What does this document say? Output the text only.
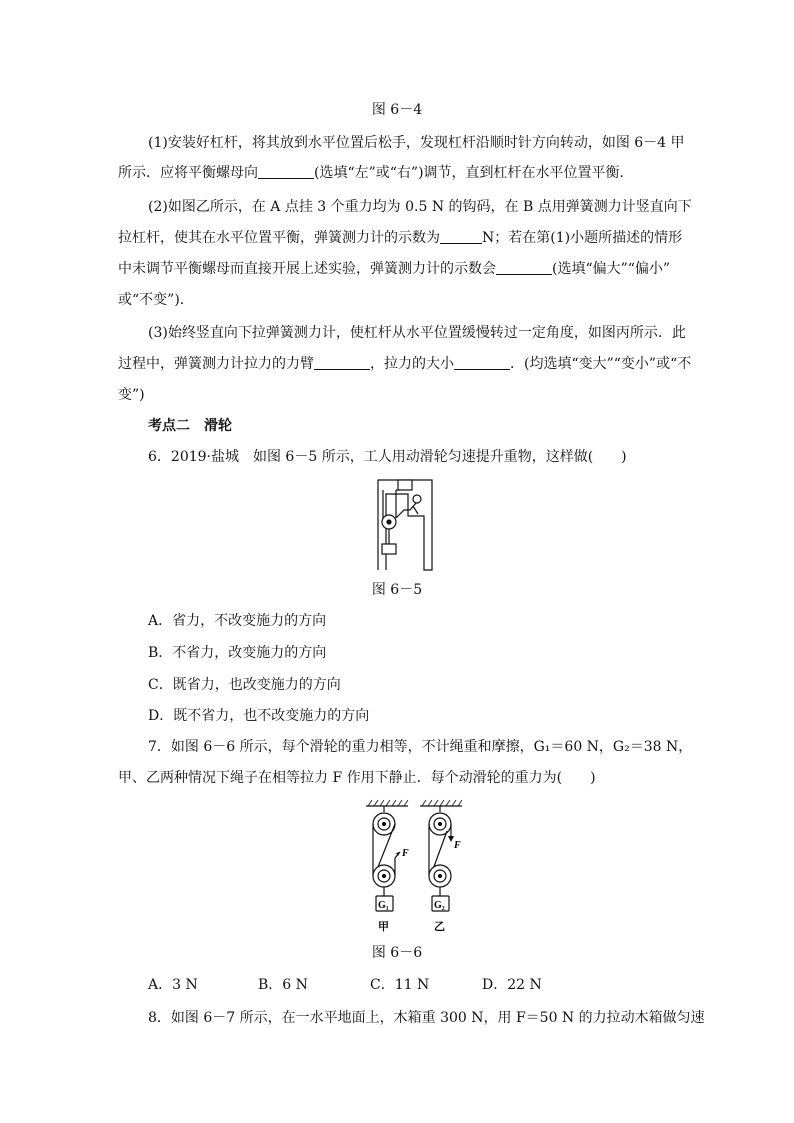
图 6－4
(1)安装好杠杆，将其放到水平位置后松手，发现杠杆沿顺时针方向转动，如图 6－4 甲
所示．应将平衡螺母向	(选填“左”或“右”)调节，直到杠杆在水平位置平衡．
(2)如图乙所示，在 A 点挂 3 个重力均为 0.5 N 的钩码，在 B 点用弹簧测力计竖直向下
拉杠杆，使其在水平位置平衡，弹簧测力计的示数为	N；若在第(1)小题所描述的情形
中未调节平衡螺母而直接开展上述实验，弹簧测力计的示数会	(选填“偏大”“偏小”
或“不变”)．
(3)始终竖直向下拉弹簧测力计，使杠杆从水平位置缓慢转过一定角度，如图丙所示．此
过程中，弹簧测力计拉力的力臂	，拉力的大小	．(均选填“变大”“变小”或“不
变”)
考点二　滑轮
6．2019·盐城　如图 6－5 所示，工人用动滑轮匀速提升重物，这样做(　　)
图 6－5
A．省力，不改变施力的方向
B．不省力，改变施力的方向
C．既省力，也改变施力的方向
D．既不省力，也不改变施力的方向
7．如图 6－6 所示，每个滑轮的重力相等，不计绳重和摩擦，G₁＝60 N，G₂＝38 N，
甲、乙两种情况下绳子在相等拉力 F 作用下静止．每个动滑轮的重力为(　　)
F
F
G₁	G₂
甲	乙
图 6－6
A．3 N	B．6 N	C．11 N	D．22 N
8．如图 6－7 所示，在一水平地面上，木箱重 300 N，用 F＝50 N 的力拉动木箱做匀速
